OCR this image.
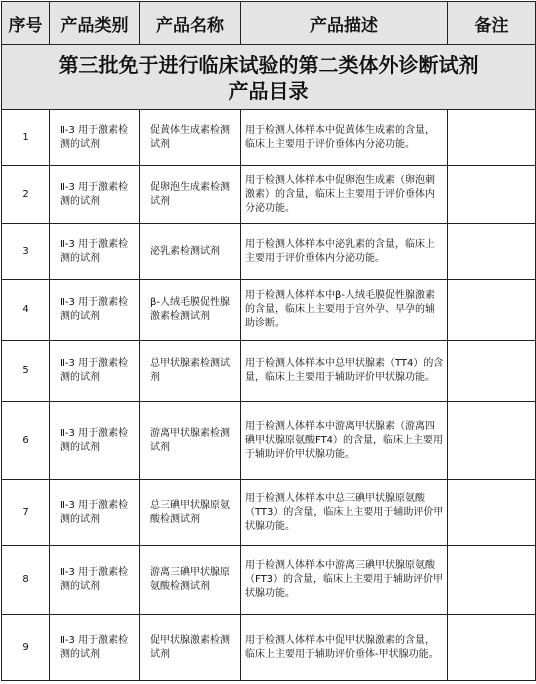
序号	产品类别	产品名称	产品描述	备注

第三批免于进行临床试验的第二类体外诊断试剂
产品目录				

1	Ⅱ-3 用于激素检测的试剂	促黄体生成素检测试剂	用于检测人体样本中促黄体生成素的含量，临床上主要用于评价垂体内分泌功能。	
2	Ⅱ-3 用于激素检测的试剂	促卵泡生成素检测试剂	用于检测人体样本中促卵泡生成素（卵泡刺激素）的含量，临床上主要用于评价垂体内分泌功能。	
3	Ⅱ-3 用于激素检测的试剂	泌乳素检测试剂	用于检测人体样本中泌乳素的含量，临床上主要用于评价垂体内分泌功能。	
4	Ⅱ-3 用于激素检测的试剂	β-人绒毛膜促性腺激素检测试剂	用于检测人体样本中β-人绒毛膜促性腺激素的含量，临床上主要用于宫外孕、早孕的辅助诊断。	
5	Ⅱ-3 用于激素检测的试剂	总甲状腺素检测试剂	用于检测人体样本中总甲状腺素（TT4）的含量，临床上主要用于辅助评价甲状腺功能。	
6	Ⅱ-3 用于激素检测的试剂	游离甲状腺素检测试剂	用于检测人体样本中游离甲状腺素（游离四碘甲状腺原氨酸FT4）的含量，临床上主要用于辅助评价甲状腺功能。	
7	Ⅱ-3 用于激素检测的试剂	总三碘甲状腺原氨酸检测试剂	用于检测人体样本中总三碘甲状腺原氨酸（TT3）的含量，临床上主要用于辅助评价甲状腺功能。	
8	Ⅱ-3 用于激素检测的试剂	游离三碘甲状腺原氨酸检测试剂	用于检测人体样本中游离三碘甲状腺原氨酸（FT3）的含量，临床上主要用于辅助评价甲状腺功能。	
9	Ⅱ-3 用于激素检测的试剂	促甲状腺激素检测试剂	用于检测人体样本中促甲状腺激素的含量，临床上主要用于辅助评价垂体-甲状腺功能。	
